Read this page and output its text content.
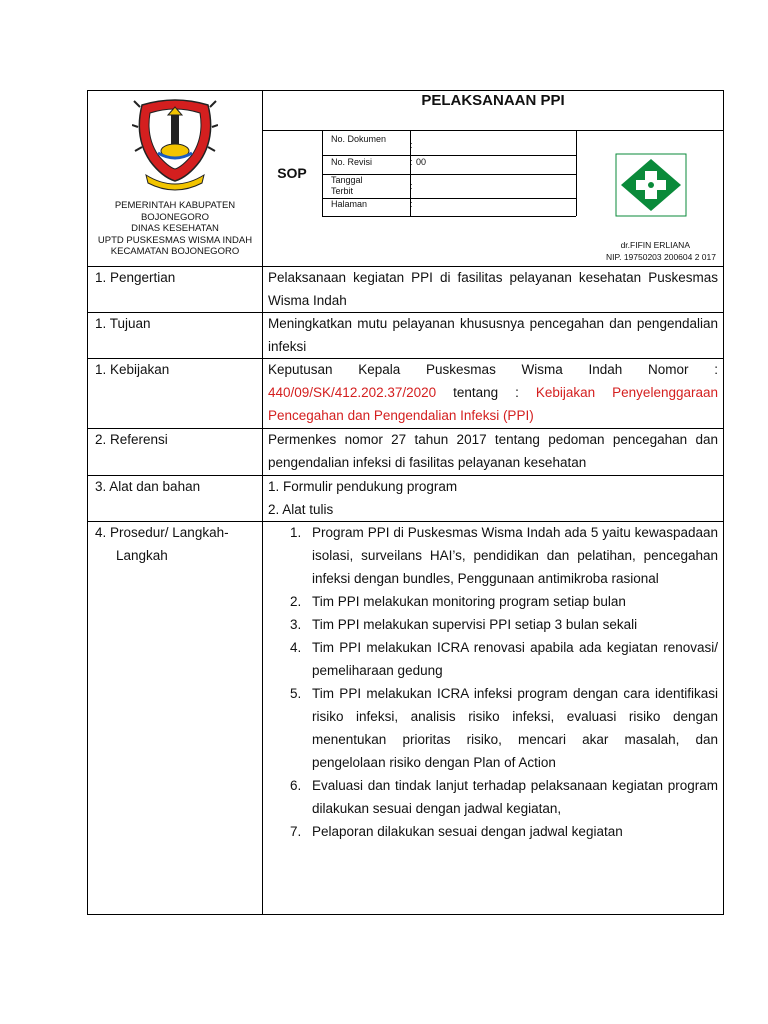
PELAKSANAAN PPI
SOP
No. Dokumen
:
No. Revisi	: 00
Tanggal
Terbit	:
Halaman	:
PEMERINTAH KABUPATEN
BOJONEGORO
DINAS KESEHATAN
UPTD PUSKESMAS WISMA INDAH
KECAMATAN BOJONEGORO
dr.FIFIN ERLIANA
NIP. 19750203 200604 2 017
1. Pengertian	Pelaksanaan kegiatan PPI di fasilitas pelayanan kesehatan Puskesmas Wisma Indah
1. Tujuan	Meningkatkan mutu pelayanan khususnya pencegahan dan pengendalian infeksi
1. Kebijakan	Keputusan Kepala Puskesmas Wisma Indah Nomor : 440/09/SK/412.202.37/2020 tentang : Kebijakan Penyelenggaraan Pencegahan dan Pengendalian Infeksi (PPI)
2. Referensi	Permenkes nomor 27 tahun 2017 tentang pedoman pencegahan dan pengendalian infeksi di fasilitas pelayanan kesehatan
3. Alat dan bahan	1. Formulir pendukung program
2. Alat tulis
4. Prosedur/ Langkah-
Langkah
1. Program PPI di Puskesmas Wisma Indah ada 5 yaitu kewaspadaan isolasi, surveilans HAI’s, pendidikan dan pelatihan, pencegahan infeksi dengan bundles, Penggunaan antimikroba rasional
2. Tim PPI melakukan monitoring program setiap bulan
3. Tim PPI melakukan supervisi PPI setiap 3 bulan sekali
4. Tim PPI melakukan ICRA renovasi apabila ada kegiatan renovasi/ pemeliharaan gedung
5. Tim PPI melakukan ICRA infeksi program dengan cara identifikasi risiko infeksi, analisis risiko infeksi, evaluasi risiko dengan menentukan prioritas risiko, mencari akar masalah, dan pengelolaan risiko dengan Plan of Action
6. Evaluasi dan tindak lanjut terhadap pelaksanaan kegiatan program dilakukan sesuai dengan jadwal kegiatan,
7. Pelaporan dilakukan sesuai dengan jadwal kegiatan
